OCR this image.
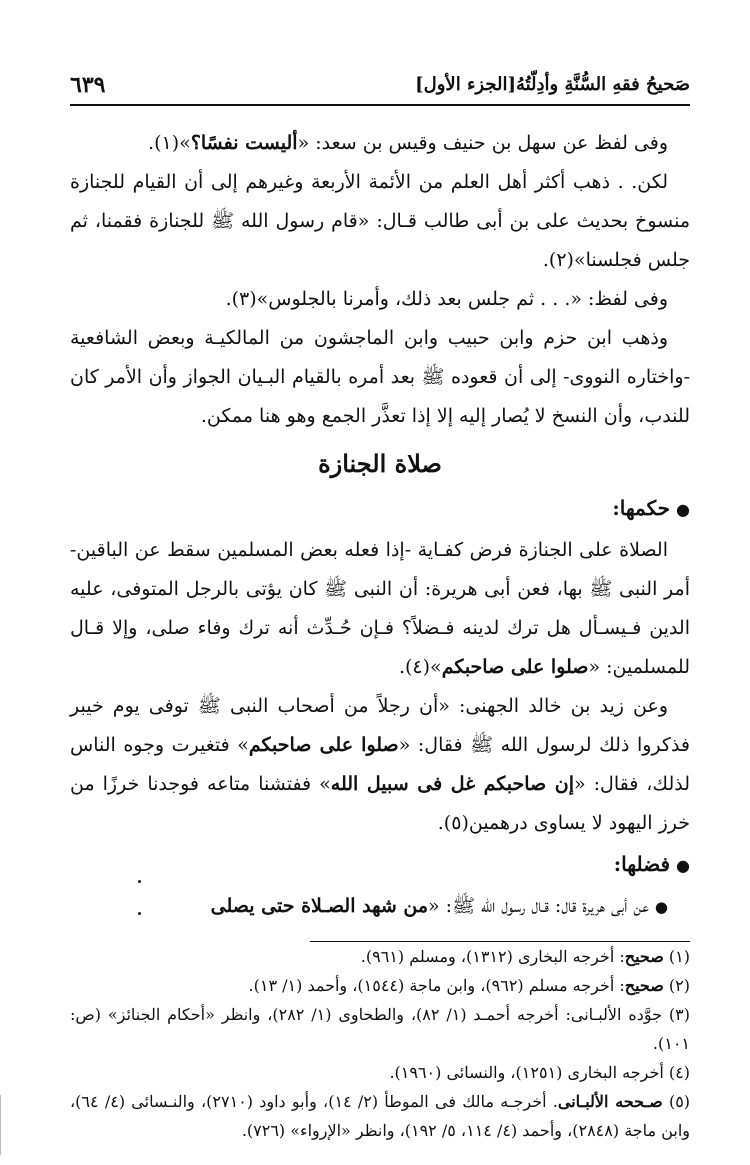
صَحيحُ فقهِ السُّنَّةِ وأدِلّتُهُ[الجزء الأول]
٦٣٩

وفى لفظ عن سهل بن حنيف وقيس بن سعد: «أليست نفسًا؟»(١).

لكن. . ذهب أكثر أهل العلم من الأئمة الأربعة وغيرهم إلى أن القيام للجنازة منسوخ بحديث على بن أبى طالب قـال: «قام رسول الله ﷺ للجنازة فقمنا، ثم جلس فجلسنا»(٢).

وفى لفظ: «. . . ثم جلس بعد ذلك، وأمرنا بالجلوس»(٣).

وذهب ابن حزم وابن حبيب وابن الماجشون من المالكيـة وبعض الشافعية -واختاره النووى- إلى أن قعوده ﷺ بعد أمره بالقيام البـيان الجواز وأن الأمر كان للندب، وأن النسخ لا يُصار إليه إلا إذا تعذَّر الجمع وهو هنا ممكن.

صلاة الجنازة
●حكمها:

الصلاة على الجنازة فرض كفـاية -إذا فعله بعض المسلمين سقط عن الباقين- أمر النبى ﷺ بها، فعن أبى هريرة: أن النبى ﷺ كان يؤتى بالرجل المتوفى، عليه الدين فـيسـأل هل ترك لدينه فـضلاً؟ فـإن حُـدِّث أنه ترك وفاء صلى، وإلا قـال للمسلمين: «صلوا على صاحبكم»(٤).

وعن زيد بن خالد الجهنى: «أن رجلاً من أصحاب النبى ﷺ توفى يوم خيبر فذكروا ذلك لرسول الله ﷺ فقال: «صلوا على صاحبكم» فتغيرت وجوه الناس لذلك، فقال: «إن صاحبكم غل فى سبيل الله» ففتشنا متاعه فوجدنا خرزًا من خرز اليهود لا يساوى درهمين(٥).

●فضلها:

●عن أبى هريرة قال: قـال رسول الله ﷺ: «من شهد الصـلاة حتى يصلى

(١) صحيح: أخرجه البخارى (١٣١٢)، ومسلم (٩٦١).
(٢) صحيح: أخرجه مسلم (٩٦٢)، وابن ماجة (١٥٤٤)، وأحمد (١/ ١٣).
(٣) جوَّده الألبـانى: أخرجه أحمـد (١/ ٨٢)، والطحاوى (١/ ٢٨٢)، وانظر «أحكام الجنائز» (ص: ١٠١).
(٤) أخرجه البخارى (١٢٥١)، والنسائى (١٩٦٠).
(٥) صـححه الألبـانى. أخرجـه مالك فى الموطأ (٢/ ١٤)، وأبو داود (٢٧١٠)، والنـسائى (٤/ ٦٤)، وابن ماجة (٢٨٤٨)، وأحمد (٤/ ١١٤، ٥/ ١٩٢)، وانظر «الإرواء» (٧٢٦).
